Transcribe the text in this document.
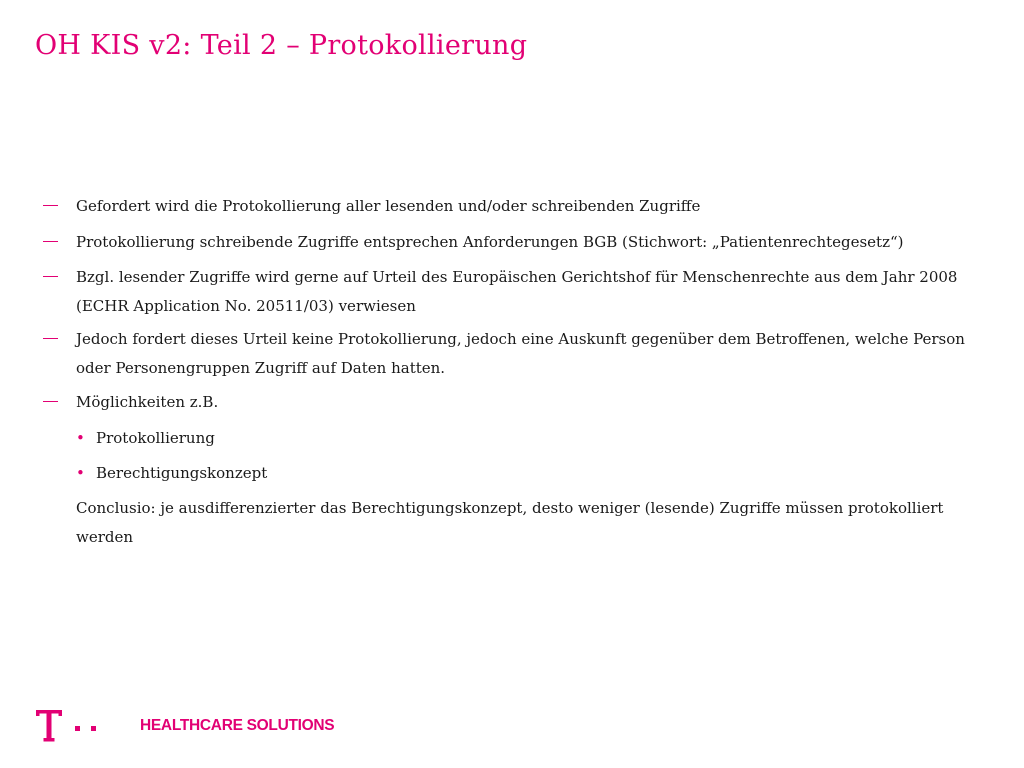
OH KIS v2: Teil 2 – Protokollierung
Gefordert wird die Protokollierung aller lesenden und/oder schreibenden Zugriffe
Protokollierung schreibende Zugriffe entsprechen Anforderungen BGB (Stichwort: „Patientenrechtegesetz“)
Bzgl. lesender Zugriffe wird gerne auf Urteil des Europäischen Gerichtshof für Menschenrechte aus dem Jahr 2008 (ECHR Application No. 20511/03) verwiesen
Jedoch fordert dieses Urteil keine Protokollierung, jedoch eine Auskunft gegenüber dem Betroffenen, welche Person oder Personengruppen Zugriff auf Daten hatten.
Möglichkeiten z.B.
• Protokollierung
• Berechtigungskonzept
Conclusio: je ausdifferenzierter das Berechtigungskonzept, desto weniger (lesende) Zugriffe müssen protokolliert werden
HEALTHCARE SOLUTIONS
